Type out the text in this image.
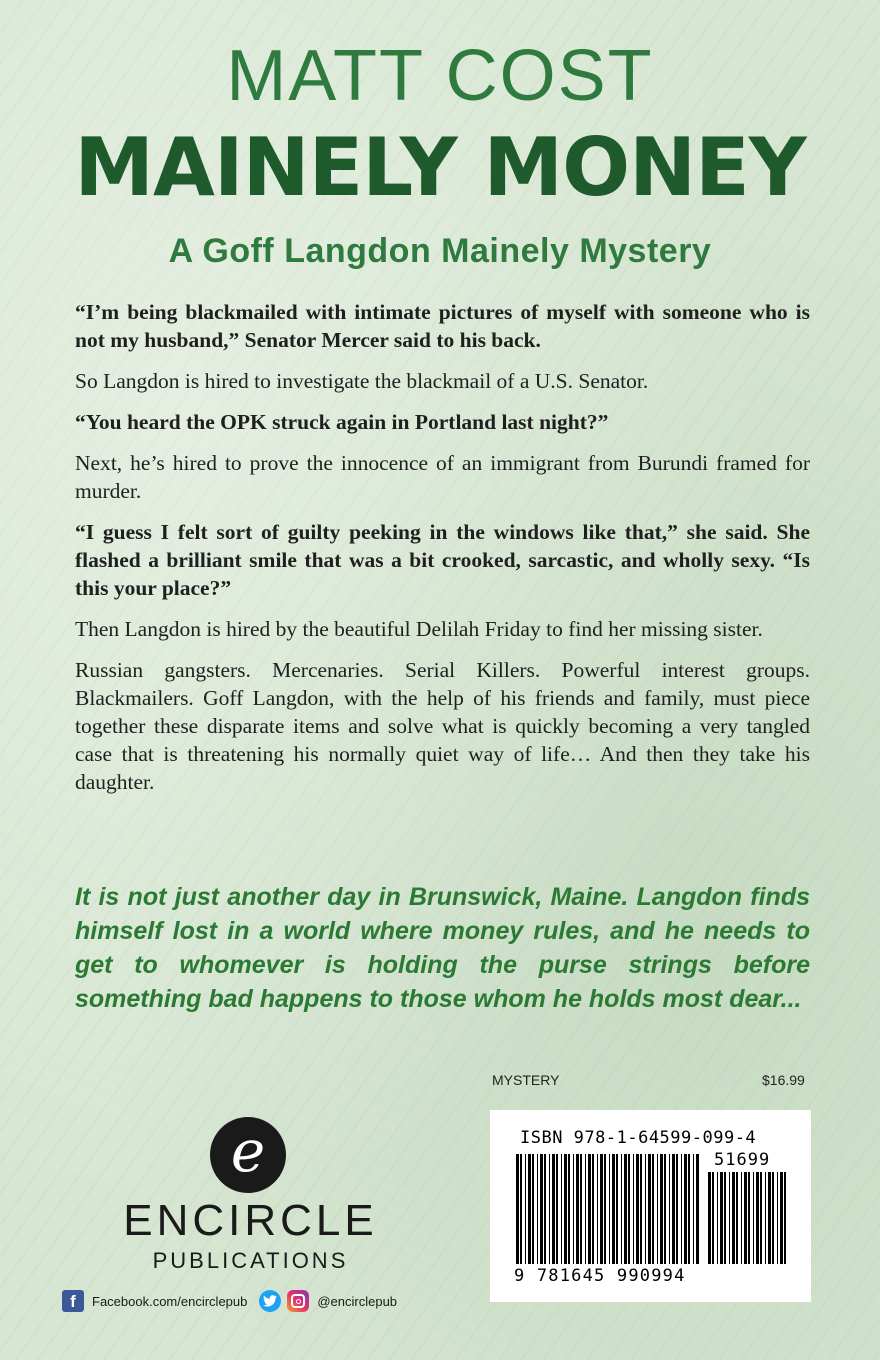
MATT COST
MAINELY MONEY
A Goff Langdon Mainely Mystery

“I’m being blackmailed with intimate pictures of myself with someone who is not my husband,” Senator Mercer said to his back.

So Langdon is hired to investigate the blackmail of a U.S. Senator.

“You heard the OPK struck again in Portland last night?”

Next, he’s hired to prove the innocence of an immigrant from Burundi framed for murder.

“I guess I felt sort of guilty peeking in the windows like that,” she said. She flashed a brilliant smile that was a bit crooked, sarcastic, and wholly sexy. “Is this your place?”

Then Langdon is hired by the beautiful Delilah Friday to find her missing sister.

Russian gangsters. Mercenaries. Serial Killers. Powerful interest groups. Blackmailers. Goff Langdon, with the help of his friends and family, must piece together these disparate items and solve what is quickly becoming a very tangled case that is threatening his normally quiet way of life… And then they take his daughter.

It is not just another day in Brunswick, Maine. Langdon finds himself lost in a world where money rules, and he needs to get to whomever is holding the purse strings before something bad happens to those whom he holds most dear...
MYSTERY	$16.99
ISBN 978-1-64599-099-4
51699
9 781645 990994
e
ENCIRCLE
PUBLICATIONS
f	Facebook.com/encirclepub	@encirclepub
